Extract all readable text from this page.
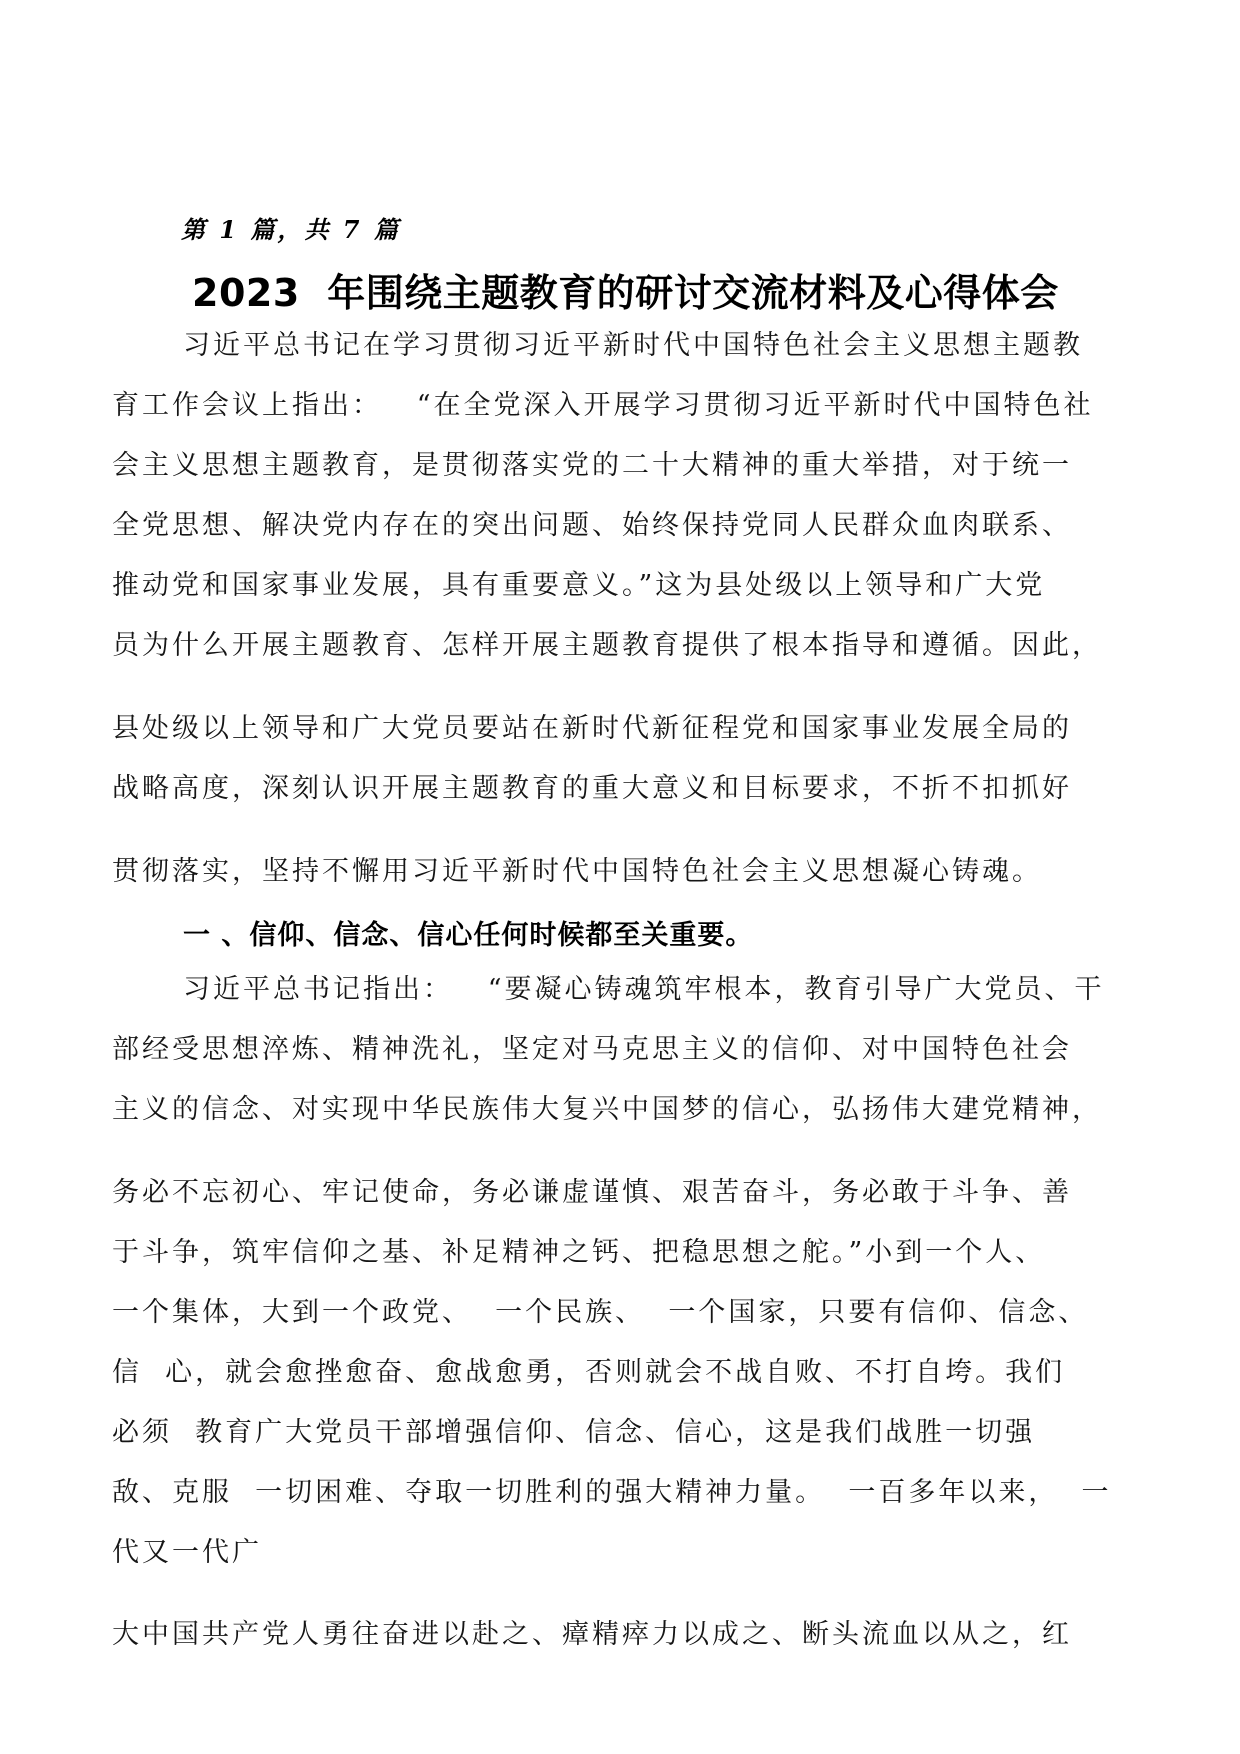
第 1 篇，共 7 篇
2023  年围绕主题教育的研讨交流材料及心得体会
习近平总书记在学习贯彻习近平新时代中国特色社会主义思想主题教
育工作会议上指出：   “在全党深入开展学习贯彻习近平新时代中国特色社
会主义思想主题教育，是贯彻落实党的二十大精神的重大举措，对于统一
全党思想、解决党内存在的突出问题、始终保持党同人民群众血肉联系、
推动党和国家事业发展，具有重要意义。”这为县处级以上领导和广大党
员为什么开展主题教育、怎样开展主题教育提供了根本指导和遵循。因此，
县处级以上领导和广大党员要站在新时代新征程党和国家事业发展全局的
战略高度，深刻认识开展主题教育的重大意义和目标要求，不折不扣抓好
贯彻落实，坚持不懈用习近平新时代中国特色社会主义思想凝心铸魂。
一 、信仰、信念、信心任何时候都至关重要。
习近平总书记指出：   “要凝心铸魂筑牢根本，教育引导广大党员、干
部经受思想淬炼、精神洗礼，坚定对马克思主义的信仰、对中国特色社会
主义的信念、对实现中华民族伟大复兴中国梦的信心，弘扬伟大建党精神，
务必不忘初心、牢记使命，务必谦虚谨慎、艰苦奋斗，务必敢于斗争、善
于斗争，筑牢信仰之基、补足精神之钙、把稳思想之舵。”小到一个人、
一个集体，大到一个政党、  一个民族、  一个国家，只要有信仰、信念、
信  心，就会愈挫愈奋、愈战愈勇，否则就会不战自败、不打自垮。我们
必须  教育广大党员干部增强信仰、信念、信心，这是我们战胜一切强
敌、克服  一切困难、夺取一切胜利的强大精神力量。  一百多年以来，  一
代又一代广
大中国共产党人勇往奋进以赴之、瘴精瘁力以成之、断头流血以从之，红
